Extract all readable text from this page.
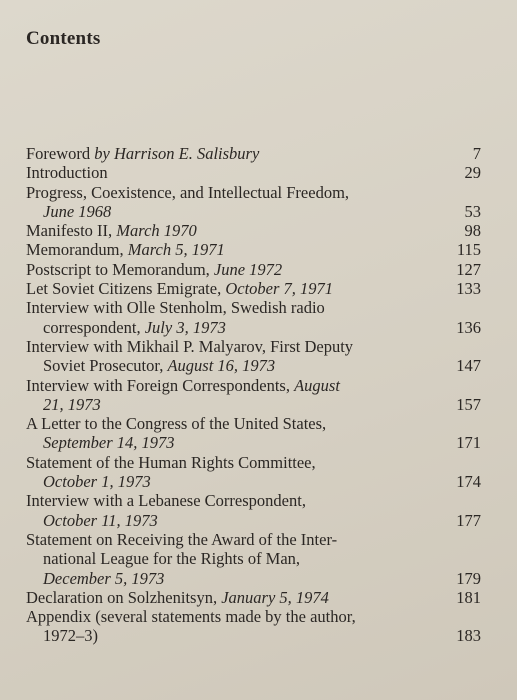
Contents
Foreword by Harrison E. Salisbury	7
Introduction	29
Progress, Coexistence, and Intellectual Freedom,
June 1968	53
Manifesto II, March 1970	98
Memorandum, March 5, 1971	115
Postscript to Memorandum, June 1972	127
Let Soviet Citizens Emigrate, October 7, 1971	133
Interview with Olle Stenholm, Swedish radio
correspondent, July 3, 1973	136
Interview with Mikhail P. Malyarov, First Deputy
Soviet Prosecutor, August 16, 1973	147
Interview with Foreign Correspondents, August
21, 1973	157
A Letter to the Congress of the United States,
September 14, 1973	171
Statement of the Human Rights Committee,
October 1, 1973	174
Interview with a Lebanese Correspondent,
October 11, 1973	177
Statement on Receiving the Award of the Inter-
national League for the Rights of Man,
December 5, 1973	179
Declaration on Solzhenitsyn, January 5, 1974	181
Appendix (several statements made by the author,
1972–3)	183
